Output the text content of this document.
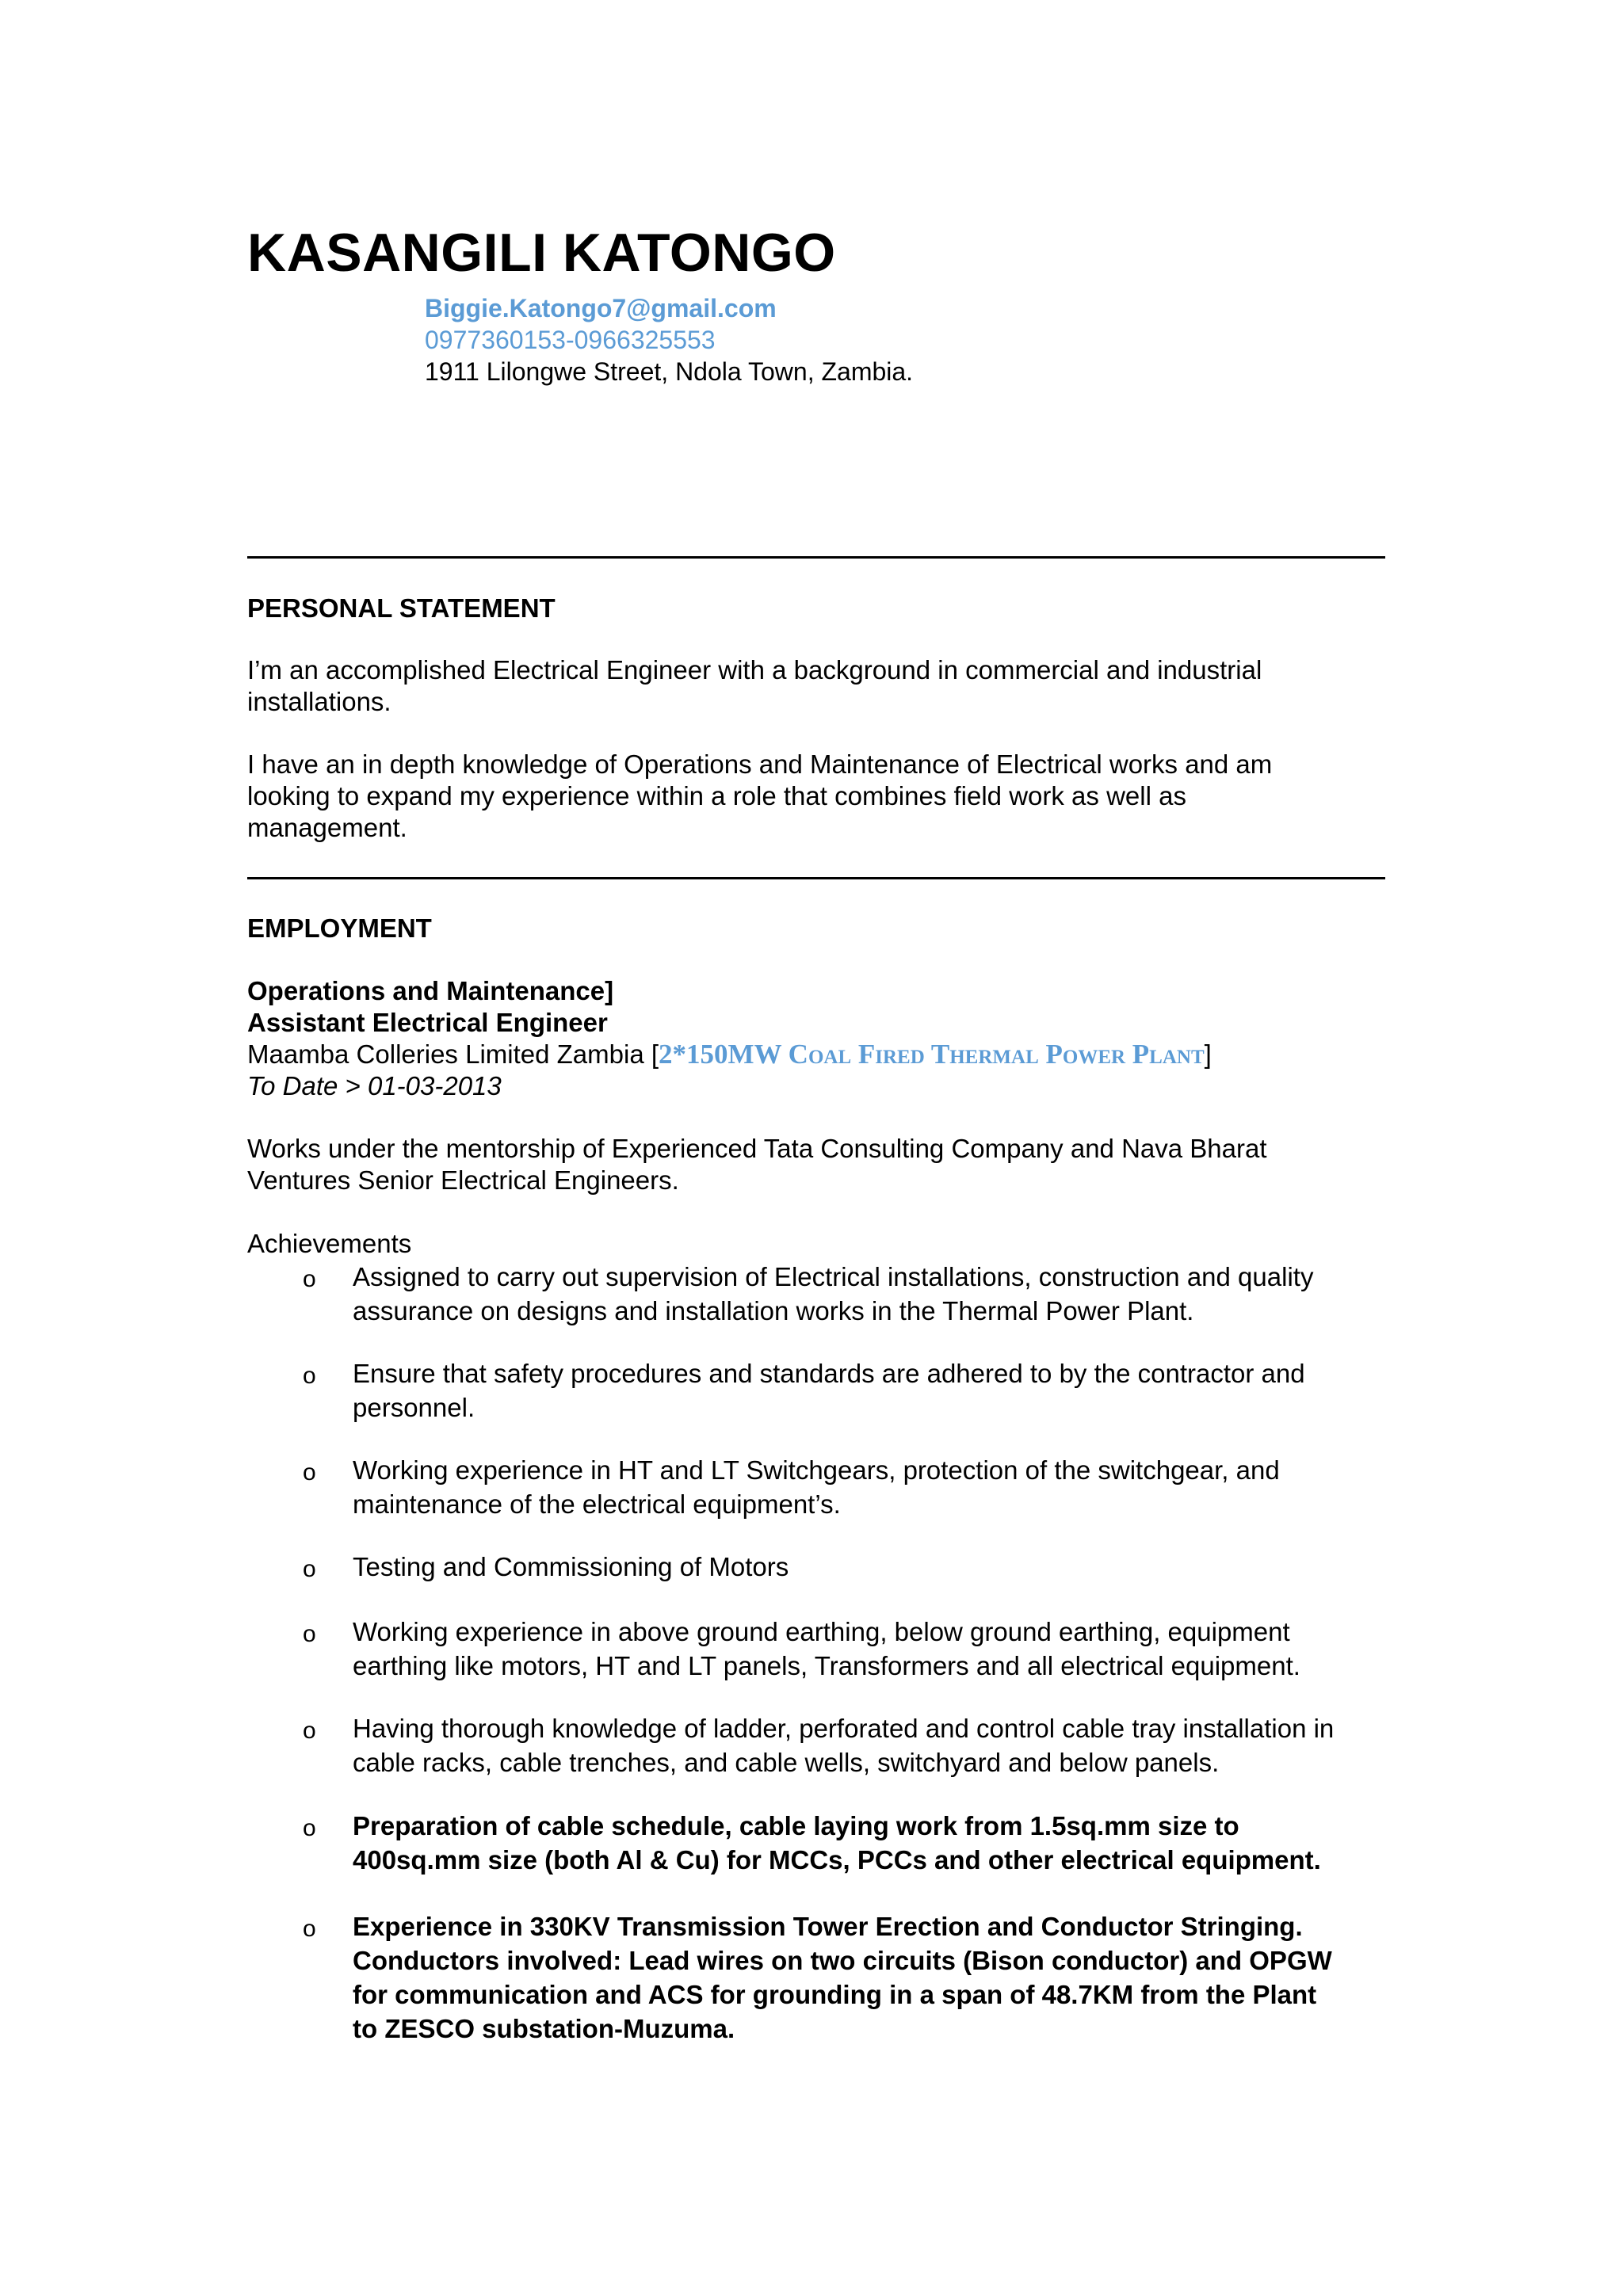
KASANGILI KATONGO
Biggie.Katongo7@gmail.com
0977360153-0966325553
1911 Lilongwe Street, Ndola Town, Zambia.
PERSONAL STATEMENT
I’m an accomplished Electrical Engineer with a background in commercial and industrial
installations.
I have an in depth knowledge of Operations and Maintenance of Electrical works and am
looking to expand my experience within a role that combines field work as well as
management.
EMPLOYMENT
Operations and Maintenance]
Assistant Electrical Engineer
Maamba Colleries Limited Zambia [2*150MW Coal Fired Thermal Power Plant]
To Date > 01-03-2013
Works under the mentorship of Experienced Tata Consulting Company and Nava Bharat
Ventures Senior Electrical Engineers.
Achievements
o Assigned to carry out supervision of Electrical installations, construction and quality
assurance on designs and installation works in the Thermal Power Plant.
o Ensure that safety procedures and standards are adhered to by the contractor and
personnel.
o Working experience in HT and LT Switchgears, protection of the switchgear, and
maintenance of the electrical equipment’s.
o Testing and Commissioning of Motors
o Working experience in above ground earthing, below ground earthing, equipment
earthing like motors, HT and LT panels, Transformers and all electrical equipment.
o Having thorough knowledge of ladder, perforated and control cable tray installation in
cable racks, cable trenches, and cable wells, switchyard and below panels.
o Preparation of cable schedule, cable laying work from 1.5sq.mm size to
400sq.mm size (both Al & Cu) for MCCs, PCCs and other electrical equipment.
o Experience in 330KV Transmission Tower Erection and Conductor Stringing.
Conductors involved: Lead wires on two circuits (Bison conductor) and OPGW
for communication and ACS for grounding in a span of 48.7KM from the Plant
to ZESCO substation-Muzuma.
